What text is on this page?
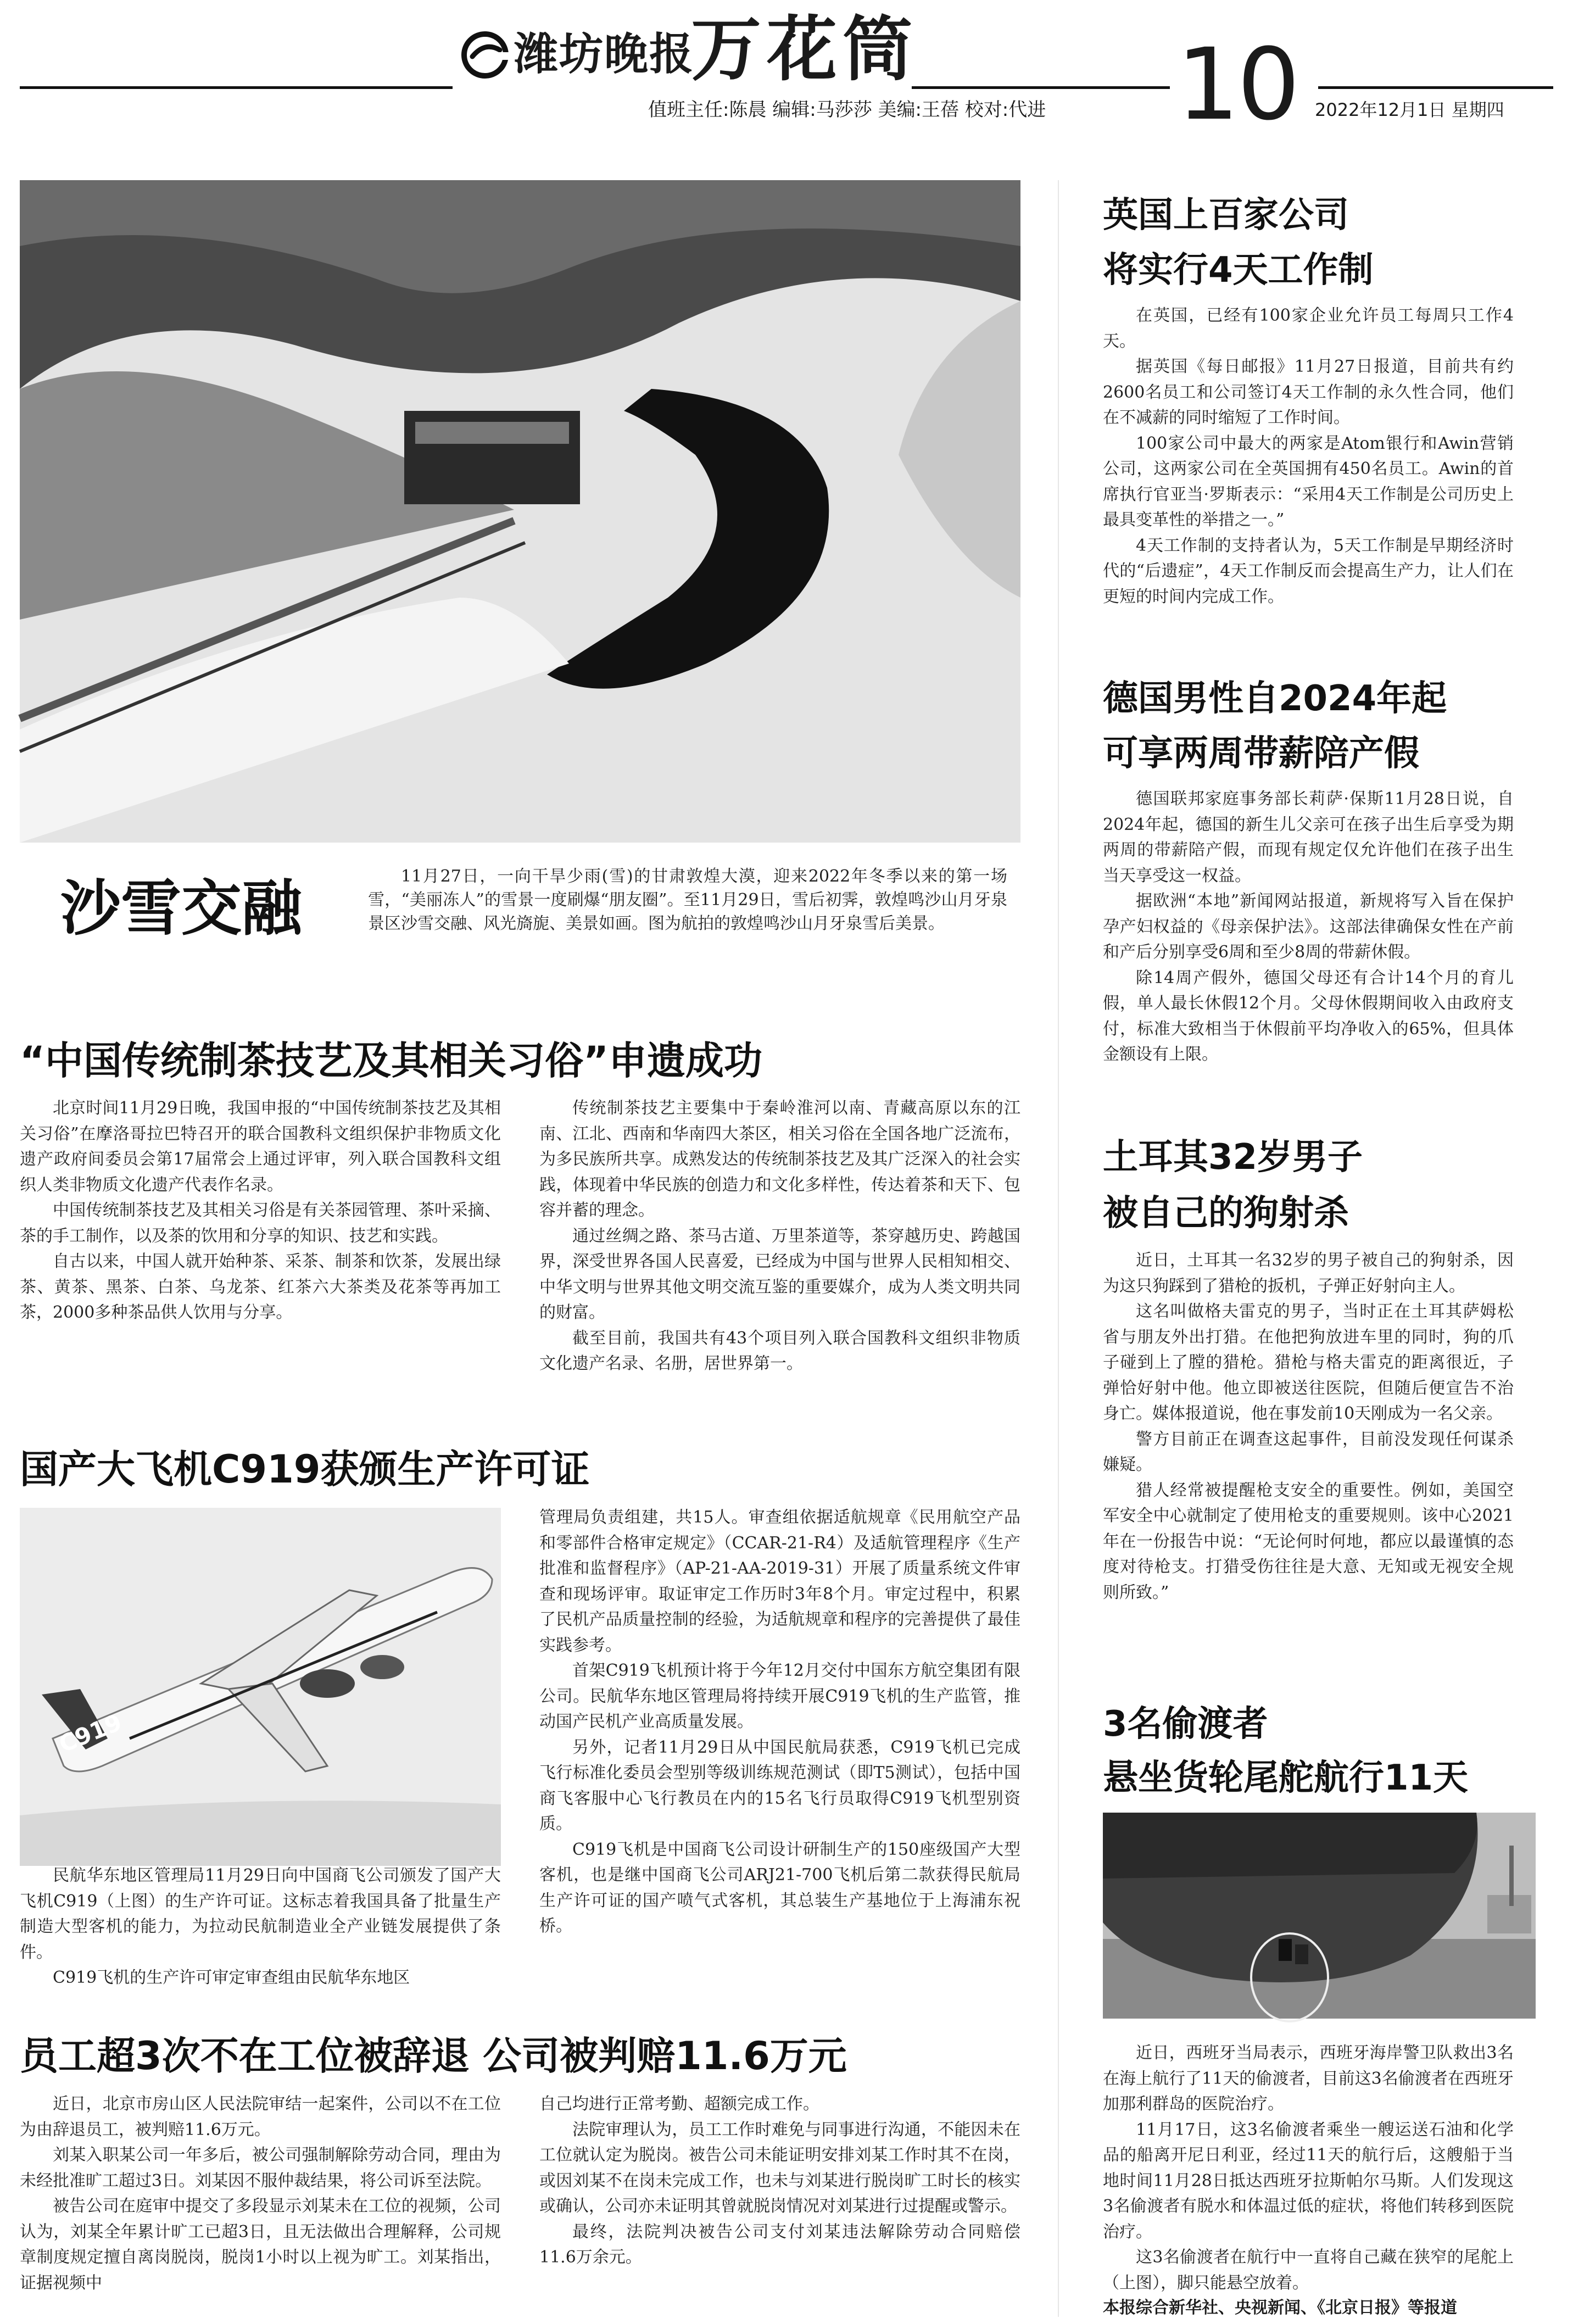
潍坊晚报
万花筒	10
值班主任:陈晨 编辑:马莎莎 美编:王蓓 校对:代进	2022年12月1日 星期四
沙雪交融	11月27日，一向干旱少雨(雪)的甘肃敦煌大漠，迎来2022年冬季以来的第一场雪，“美丽冻人”的雪景一度刷爆“朋友圈”。至11月29日，雪后初霁，敦煌鸣沙山月牙泉景区沙雪交融、风光旖旎、美景如画。图为航拍的敦煌鸣沙山月牙泉雪后美景。
“中国传统制茶技艺及其相关习俗”申遗成功

北京时间11月29日晚，我国申报的“中国传统制茶技艺及其相关习俗”在摩洛哥拉巴特召开的联合国教科文组织保护非物质文化遗产政府间委员会第17届常会上通过评审，列入联合国教科文组织人类非物质文化遗产代表作名录。

中国传统制茶技艺及其相关习俗是有关茶园管理、茶叶采摘、茶的手工制作，以及茶的饮用和分享的知识、技艺和实践。

自古以来，中国人就开始种茶、采茶、制茶和饮茶，发展出绿茶、黄茶、黑茶、白茶、乌龙茶、红茶六大茶类及花茶等再加工茶，2000多种茶品供人饮用与分享。

传统制茶技艺主要集中于秦岭淮河以南、青藏高原以东的江南、江北、西南和华南四大茶区，相关习俗在全国各地广泛流布，为多民族所共享。成熟发达的传统制茶技艺及其广泛深入的社会实践，体现着中华民族的创造力和文化多样性，传达着茶和天下、包容并蓄的理念。

通过丝绸之路、茶马古道、万里茶道等，茶穿越历史、跨越国界，深受世界各国人民喜爱，已经成为中国与世界人民相知相交、中华文明与世界其他文明交流互鉴的重要媒介，成为人类文明共同的财富。

截至目前，我国共有43个项目列入联合国教科文组织非物质文化遗产名录、名册，居世界第一。

国产大飞机C919获颁生产许可证
C919

民航华东地区管理局11月29日向中国商飞公司颁发了国产大飞机C919（上图）的生产许可证。这标志着我国具备了批量生产制造大型客机的能力，为拉动民航制造业全产业链发展提供了条件。

C919飞机的生产许可审定审查组由民航华东地区

管理局负责组建，共15人。审查组依据适航规章《民用航空产品和零部件合格审定规定》（CCAR-21-R4）及适航管理程序《生产批准和监督程序》（AP-21-AA-2019-31）开展了质量系统文件审查和现场评审。取证审定工作历时3年8个月。审定过程中，积累了民机产品质量控制的经验，为适航规章和程序的完善提供了最佳实践参考。

首架C919飞机预计将于今年12月交付中国东方航空集团有限公司。民航华东地区管理局将持续开展C919飞机的生产监管，推动国产民机产业高质量发展。

另外，记者11月29日从中国民航局获悉，C919飞机已完成飞行标准化委员会型别等级训练规范测试（即T5测试），包括中国商飞客服中心飞行教员在内的15名飞行员取得C919飞机型别资质。

C919飞机是中国商飞公司设计研制生产的150座级国产大型客机，也是继中国商飞公司ARJ21-700飞机后第二款获得民航局生产许可证的国产喷气式客机，其总装生产基地位于上海浦东祝桥。

员工超3次不在工位被辞退 公司被判赔11.6万元

近日，北京市房山区人民法院审结一起案件，公司以不在工位为由辞退员工，被判赔11.6万元。

刘某入职某公司一年多后，被公司强制解除劳动合同，理由为未经批准旷工超过3日。刘某因不服仲裁结果，将公司诉至法院。

被告公司在庭审中提交了多段显示刘某未在工位的视频，公司认为，刘某全年累计旷工已超3日，且无法做出合理解释，公司规章制度规定擅自离岗脱岗，脱岗1小时以上视为旷工。刘某指出，证据视频中

自己均进行正常考勤、超额完成工作。

法院审理认为，员工工作时难免与同事进行沟通，不能因未在工位就认定为脱岗。被告公司未能证明安排刘某工作时其不在岗，或因刘某不在岗未完成工作，也未与刘某进行脱岗旷工时长的核实或确认，公司亦未证明其曾就脱岗情况对刘某进行过提醒或警示。

最终，法院判决被告公司支付刘某违法解除劳动合同赔偿11.6万余元。

英国上百家公司
将实行4天工作制

在英国，已经有100家企业允许员工每周只工作4天。

据英国《每日邮报》11月27日报道，目前共有约2600名员工和公司签订4天工作制的永久性合同，他们在不减薪的同时缩短了工作时间。

100家公司中最大的两家是Atom银行和Awin营销公司，这两家公司在全英国拥有450名员工。Awin的首席执行官亚当·罗斯表示：“采用4天工作制是公司历史上最具变革性的举措之一。”

4天工作制的支持者认为，5天工作制是早期经济时代的“后遗症”，4天工作制反而会提高生产力，让人们在更短的时间内完成工作。

德国男性自2024年起
可享两周带薪陪产假

德国联邦家庭事务部长莉萨·保斯11月28日说，自2024年起，德国的新生儿父亲可在孩子出生后享受为期两周的带薪陪产假，而现有规定仅允许他们在孩子出生当天享受这一权益。

据欧洲“本地”新闻网站报道，新规将写入旨在保护孕产妇权益的《母亲保护法》。这部法律确保女性在产前和产后分别享受6周和至少8周的带薪休假。

除14周产假外，德国父母还有合计14个月的育儿假，单人最长休假12个月。父母休假期间收入由政府支付，标准大致相当于休假前平均净收入的65%，但具体金额设有上限。

土耳其32岁男子
被自己的狗射杀

近日，土耳其一名32岁的男子被自己的狗射杀，因为这只狗踩到了猎枪的扳机，子弹正好射向主人。

这名叫做格夫雷克的男子，当时正在土耳其萨姆松省与朋友外出打猎。在他把狗放进车里的同时，狗的爪子碰到上了膛的猎枪。猎枪与格夫雷克的距离很近，子弹恰好射中他。他立即被送往医院，但随后便宣告不治身亡。媒体报道说，他在事发前10天刚成为一名父亲。

警方目前正在调查这起事件，目前没发现任何谋杀嫌疑。

猎人经常被提醒枪支安全的重要性。例如，美国空军安全中心就制定了使用枪支的重要规则。该中心2021年在一份报告中说：“无论何时何地，都应以最谨慎的态度对待枪支。打猎受伤往往是大意、无知或无视安全规则所致。”

3名偷渡者
悬坐货轮尾舵航行11天

近日，西班牙当局表示，西班牙海岸警卫队救出3名在海上航行了11天的偷渡者，目前这3名偷渡者在西班牙加那利群岛的医院治疗。

11月17日，这3名偷渡者乘坐一艘运送石油和化学品的船离开尼日利亚，经过11天的航行后，这艘船于当地时间11月28日抵达西班牙拉斯帕尔马斯。人们发现这3名偷渡者有脱水和体温过低的症状，将他们转移到医院治疗。

这3名偷渡者在航行中一直将自己藏在狭窄的尾舵上（上图），脚只能悬空放着。

本报综合新华社、央视新闻、《北京日报》等报道
